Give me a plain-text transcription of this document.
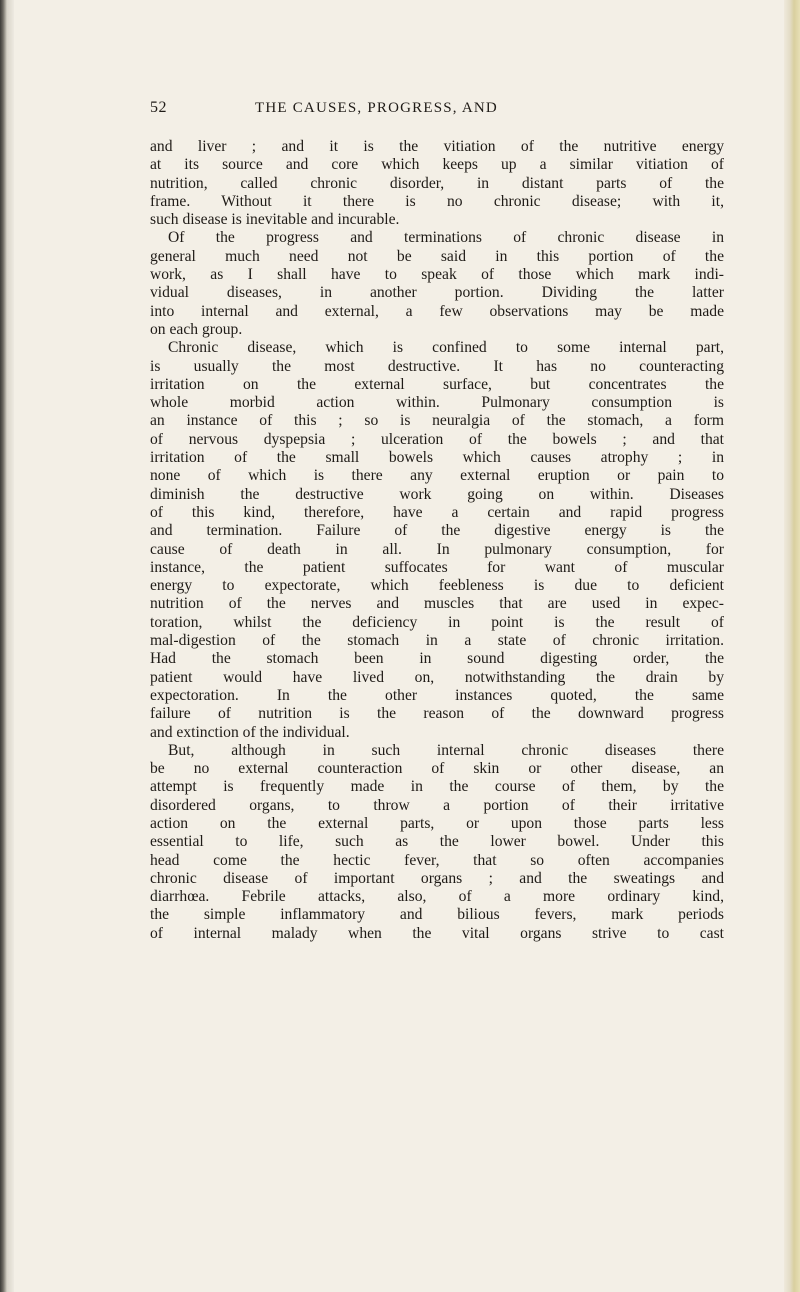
52	THE CAUSES, PROGRESS, AND
and liver ; and it is the vitiation of the nutritive energy
at its source and core which keeps up a similar vitiation of
nutrition, called chronic disorder, in distant parts of the
frame. Without it there is no chronic disease; with it,
such disease is inevitable and incurable.
Of the progress and terminations of chronic disease in
general much need not be said in this portion of the
work, as I shall have to speak of those which mark indi-
vidual diseases, in another portion. Dividing the latter
into internal and external, a few observations may be made
on each group.
Chronic disease, which is confined to some internal part,
is usually the most destructive. It has no counteracting
irritation on the external surface, but concentrates the
whole morbid action within. Pulmonary consumption is
an instance of this ; so is neuralgia of the stomach, a form
of nervous dyspepsia ; ulceration of the bowels ; and that
irritation of the small bowels which causes atrophy ; in
none of which is there any external eruption or pain to
diminish the destructive work going on within. Diseases
of this kind, therefore, have a certain and rapid progress
and termination. Failure of the digestive energy is the
cause of death in all. In pulmonary consumption, for
instance, the patient suffocates for want of muscular
energy to expectorate, which feebleness is due to deficient
nutrition of the nerves and muscles that are used in expec-
toration, whilst the deficiency in point is the result of
mal-digestion of the stomach in a state of chronic irritation.
Had the stomach been in sound digesting order, the
patient would have lived on, notwithstanding the drain by
expectoration. In the other instances quoted, the same
failure of nutrition is the reason of the downward progress
and extinction of the individual.
But, although in such internal chronic diseases there
be no external counteraction of skin or other disease, an
attempt is frequently made in the course of them, by the
disordered organs, to throw a portion of their irritative
action on the external parts, or upon those parts less
essential to life, such as the lower bowel. Under this
head come the hectic fever, that so often accompanies
chronic disease of important organs ; and the sweatings and
diarrhœa. Febrile attacks, also, of a more ordinary kind,
the simple inflammatory and bilious fevers, mark periods
of internal malady when the vital organs strive to cast
